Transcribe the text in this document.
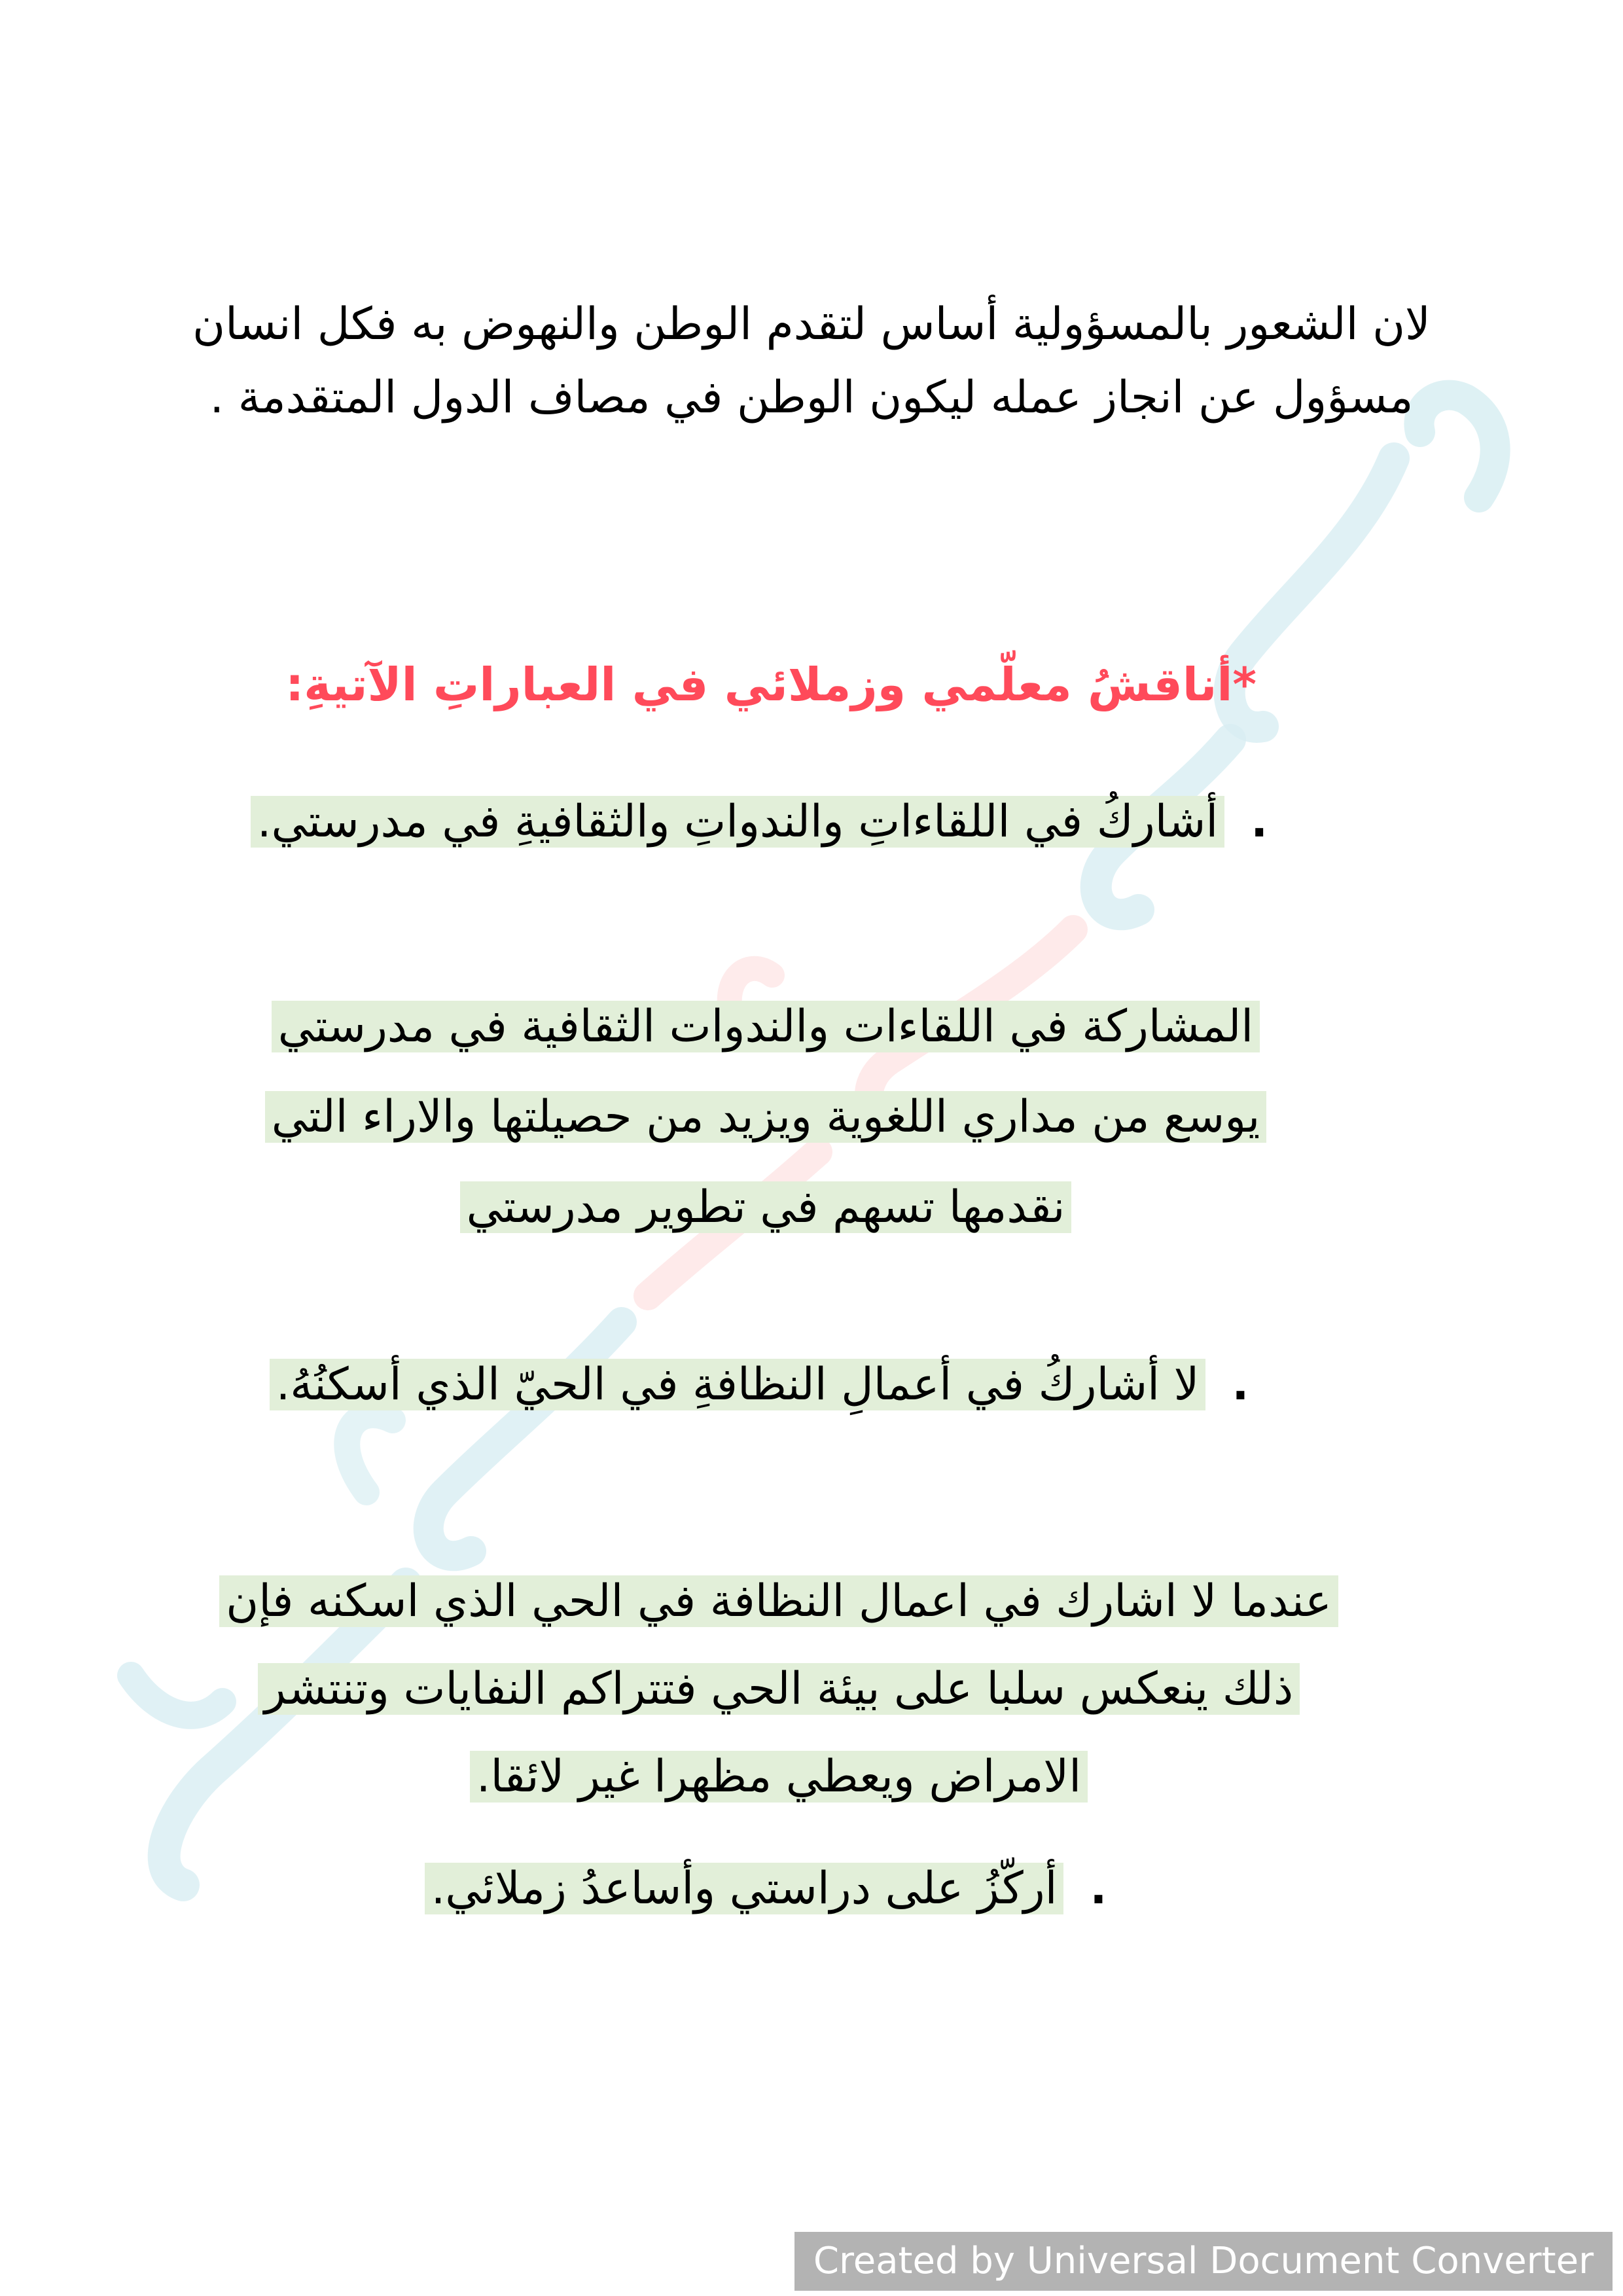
لان الشعور بالمسؤولية أساس لتقدم الوطن والنهوض به فكل انسان مسؤول عن انجاز عمله ليكون الوطن في مصاف الدول المتقدمة .
*أناقشُ معلّمي وزملائي في العباراتِ الآتيةِ:
.أشاركُ في اللقاءاتِ والندواتِ والثقافيةِ في مدرستي.
المشاركة في اللقاءات والندوات الثقافية في مدرستي يوسع من مداري اللغوية ويزيد من حصيلتها والاراء التي نقدمها تسهم في تطوير مدرستي
.لا أشاركُ في أعمالِ النظافةِ في الحيّ الذي أسكنُهُ.
عندما لا اشارك في اعمال النظافة في الحي الذي اسكنه فإن ذلك ينعكس سلبا على بيئة الحي فتتراكم النفايات وتنتشر الامراض ويعطي مظهرا غير لائقا.
.أركّزُ على دراستي وأساعدُ زملائي.
Created by Universal Document Converter
